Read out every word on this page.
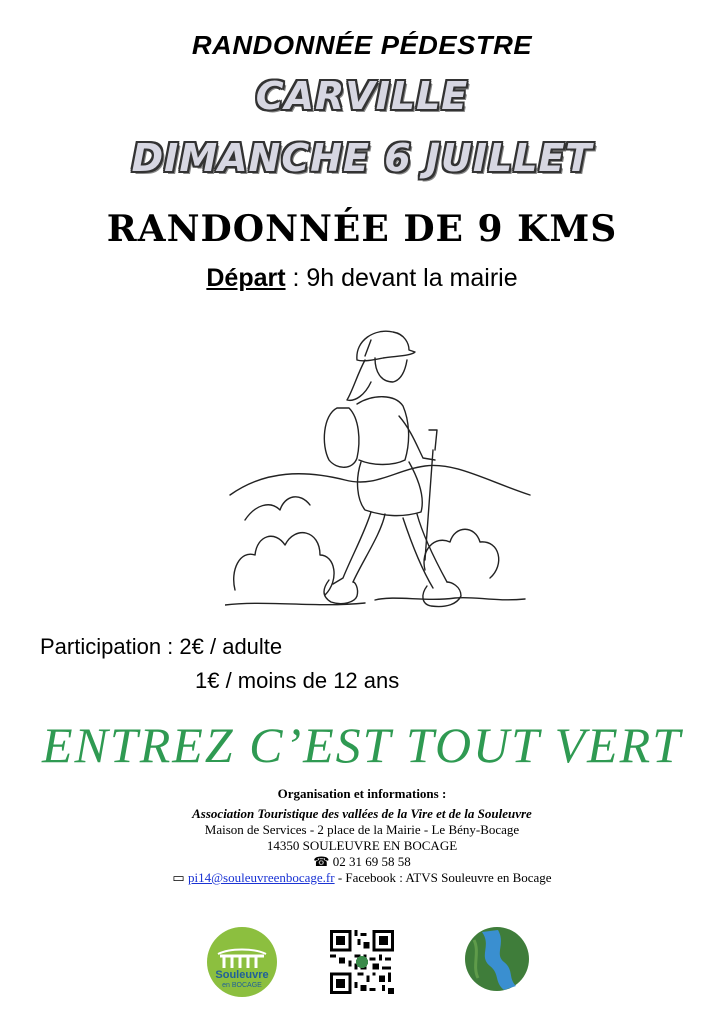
RANDONNÉE PÉDESTRE
CARVILLE
DIMANCHE 6 JUILLET
RANDONNÉE DE 9 KMS
Départ : 9h devant la mairie
Participation : 2€ / adulte
1€ / moins de 12 ans
ENTREZ C’EST TOUT VERT
Organisation et informations :
Association Touristique des vallées de la Vire et de la Souleuvre
Maison de Services - 2 place de la Mairie - Le Bény-Bocage
14350 SOULEUVRE EN BOCAGE
☎ 02 31 69 58 58
▭ pi14@souleuvreenbocage.fr - Facebook : ATVS Souleuvre en Bocage
Souleuvre
en BOCAGE
